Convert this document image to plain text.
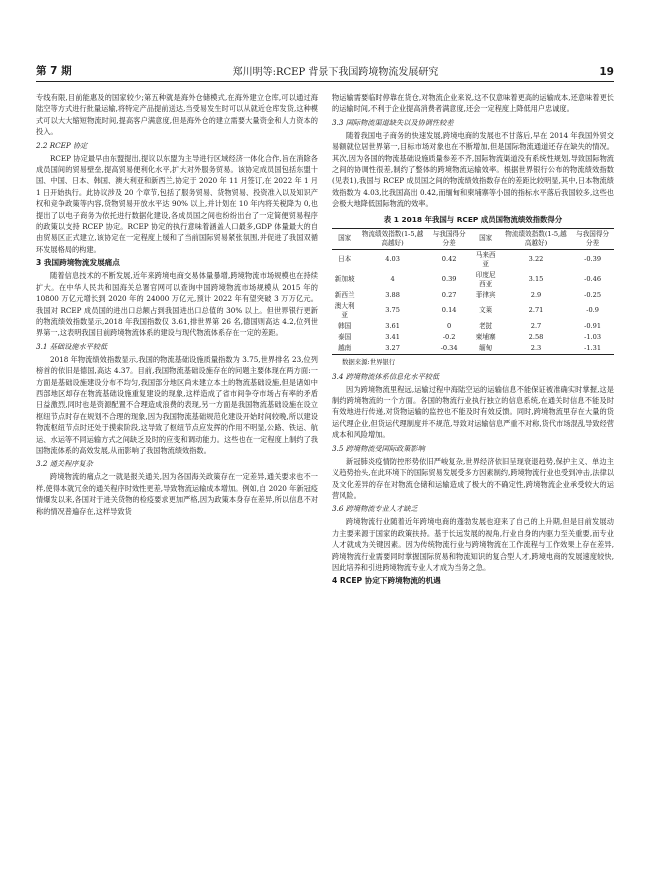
第 7 期	郑川明等:RCEP 背景下我国跨境物流发展研究	19

专线有限,目前能惠及的国家较少;第五种就是海外仓储模式,在海外建立仓库,可以通过海陆空等方式进行批量运输,将特定产品提前送达,当受易发生时可以从就近仓库发货,这种模式可以大大缩短物流时间,提高客户满意度,但是海外仓的建立需要大量资金和人力资本的投入。

2.2 RCEP 协定

RCEP 协定最早由东盟提出,提议以东盟为主导进行区域经济一体化合作,旨在消除各成员国间的贸易壁垒,提高贸易便利化水平,扩大对外服务贸易。该协定成员国包括东盟十国、中国、日本、韩国、澳大利亚和新西兰,协定于 2020 年 11 月签订,在 2022 年 1 月 1 日开始执行。此协议涉及 20 个章节,包括了服务贸易、货物贸易、投资准入以及知识产权和竞争政策等内容,货物贸易开放水平达 90% 以上,并计划在 10 年内将关税降为 0,也提出了以电子商务为依托进行数据化建设,各成员国之间也纷纷出台了一定简便贸易程序的政策以支持 RCEP 协定。RCEP 协定的执行意味着涵盖人口最多,GDP 体量最大的自由贸易区正式建立,该协定在一定程度上缓和了当前国际贸易紧张氛围,并促进了我国双循环发展格局的构建。

3 我国跨境物流发展痛点

随着信息技术的不断发展,近年来跨境电商交易体量暴增,跨境物流市场规模也在持续扩大。在中华人民共和国海关总署官网可以查询中国跨境物流市场规模从 2015 年的 10800 万亿元增长到 2020 年的 24000 万亿元,预计 2022 年有望突破 3 万万亿元。我国对 RCEP 成员国的进出口总额占到我国进出口总值的 30% 以上。但世界银行更新的物流绩效指数显示,2018 年我国指数仅 3.61,排世界第 26 名,德国则高达 4.2,位列世界第一,这表明我国目前跨境物流体系的建设与现代物流体系存在一定的差距。

3.1 基础设施水平较低

2018 年物流绩效指数显示,我国的物流基础设施质量指数为 3.75,世界排名 23,位列榜首的依旧是德国,高达 4.37。目前,我国物流基础设施存在的问题主要体现在两方面:一方面是基础设施建设分布不均匀,我国部分地区尚未建立本土的物流基础设施,但是诸如中西部地区却存在物流基础设施重复建设的现象,这样造成了省市间争夺市场占有率的矛盾日益激烈,同时也是资源配置不合理造成浪费的表现,另一方面是我国物流基础设施在设立枢纽节点时存在规划不合理的现象,因为我国物流基础规范化建设开始时间较晚,所以建设物流枢纽节点时还处于摸索阶段,这导致了枢纽节点应发挥的作用不明显,公路、铁运、航运、水运等不同运输方式之间缺乏及时的应变和调动能力。这些也在一定程度上制约了我国物流体系的高效发展,从而影响了我国物流绩效指数。

3.2 通关程序复杂

跨境物流的痛点之一就是报关通关,因为各国海关政策存在一定差异,通关要求也不一样,使得本就冗余的通关程序时效性更差,导致物流运输成本增加。例如,自 2020 年新冠疫情爆发以来,各国对于进关货物的检疫要求更加严格,因为政策本身存在差异,所以信息不对称的情况普遍存在,这样导致货

物运输需要临时停靠在货仓,对物流企业来说,这不仅意味着更高的运输成本,还意味着更长的运输时间,不利于企业提高消费者满意度,还会一定程度上降低用户忠诚度。

3.3 国际物流渠道缺失以及协调性较差

随着我国电子商务的快速发展,跨境电商的发展也不甘落后,早在 2014 年我国外贸交易额就位居世界第一,目标市场对象也在不断增加,但是国际物流通道还存在缺失的情况。其次,因为各国的物流基础设施质量参差不齐,国际物流渠道没有系统性规划,导致国际物流之间的协调性很差,制约了整体的跨境物流运输效率。根据世界银行公布的物流绩效指数(见表1),我国与 RCEP 成员国之间的物流绩效指数存在的差距比较明显,其中,日本物流绩效指数为 4.03,比我国高出 0.42,而缅甸和柬埔寨等小国的指标水平落后我国较多,这些也会极大地降低国际物流的效率。

表 1 2018 年我国与 RCEP 成员国物流绩效指数得分
国家	物流绩效指数(1-5,越高越好)	与我国得分分差	国家	物流绩效指数(1-5,越高越好)	与我国得分分差
日本	4.03	0.42	马来西亚	3.22	-0.39
新加坡	4	0.39	印度尼西亚	3.15	-0.46
新西兰	3.88	0.27	菲律宾	2.9	-0.25
澳大利亚	3.75	0.14	文莱	2.71	-0.9
韩国	3.61	0	老挝	2.7	-0.91
泰国	3.41	-0.2	柬埔寨	2.58	-1.03
越南	3.27	-0.34	缅甸	2.3	-1.31
数据来源:世界银行
3.4 跨境物流体系信息化水平较低

因为跨境物流里程远,运输过程中海陆空运的运输信息不能保证被准确实时掌握,这是制约跨境物流的一个方面。各国的物流行业执行独立的信息系统,在通关时信息不能及时有效地进行传递,对货物运输的监控也不能及时有效反馈。同时,跨境物流里存在大量的货运代理企业,但货运代理制度并不规范,导致对运输信息严重不对称,货代市场混乱导致经营成本和风险增加。

3.5 跨境物流受国际政策影响

新冠肺炎疫情防控形势依旧严峻复杂,世界经济依旧呈现衰退趋势,保护主义、单边主义趋势抬头,在此环境下的国际贸易发展受多方因素制约,跨境物流行业也受到冲击,法律以及文化差异的存在对物流仓储和运输造成了极大的不确定性,跨境物流企业承受较大的运营风险。

3.6 跨境物流专业人才缺乏

跨境物流行业随着近年跨境电商的蓬勃发展也迎来了自己的上升期,但是目前发展动力主要来源于国家的政策扶持。基于长远发展的视角,行业自身的内驱力至关重要,而专业人才就成为关键因素。因为传统物流行业与跨境物流在工作流程与工作效果上存在差异,跨境物流行业需要同时掌握国际贸易和物流知识的复合型人才,跨境电商的发展速度较快,因此培养和引进跨境物流专业人才成为当务之急。

4 RCEP 协定下跨境物流的机遇
